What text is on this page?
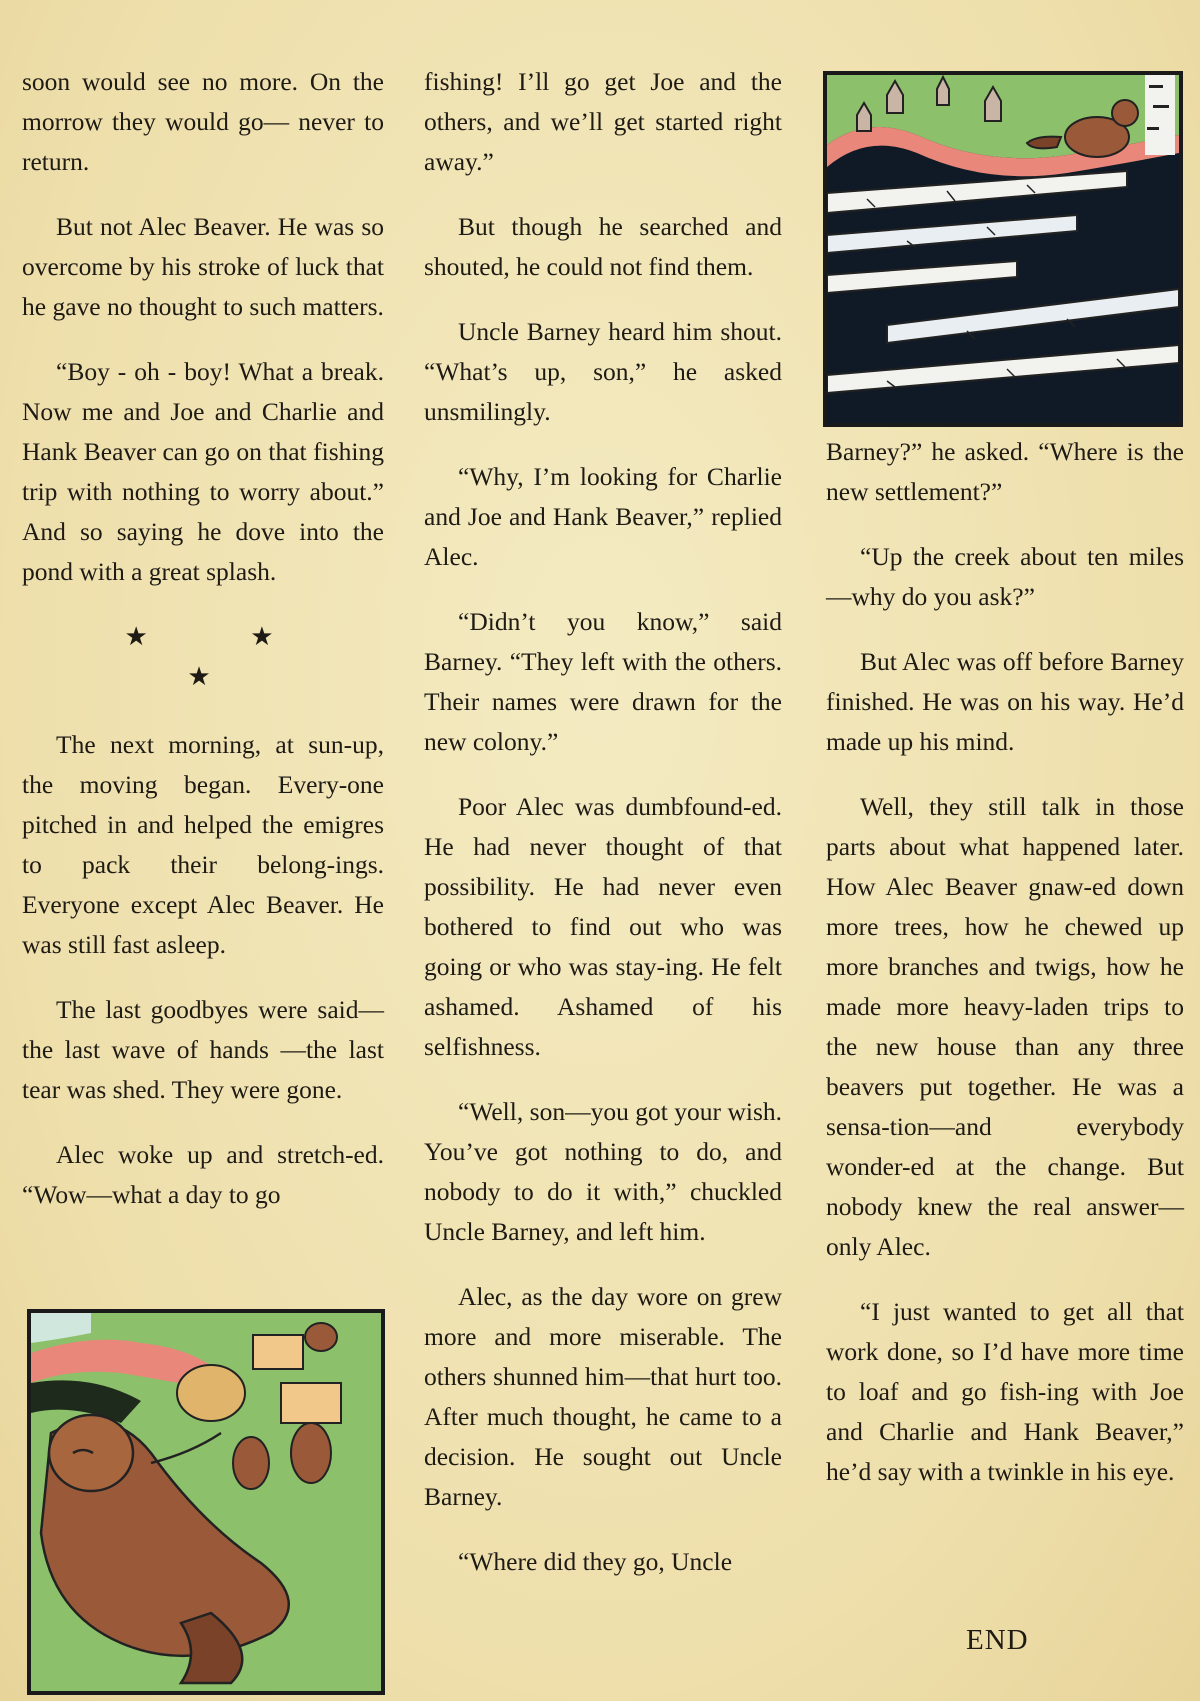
soon would see no more. On the morrow they would go— never to return.

But not Alec Beaver. He was so overcome by his stroke of luck that he gave no thought to such matters.

“Boy - oh - boy! What a break. Now me and Joe and Charlie and Hank Beaver can go on that fishing trip with nothing to worry about.” And so saying he dove into the pond with a great splash.

★ ★ ★

The next morning, at sun-up, the moving began. Every-one pitched in and helped the emigres to pack their belong-ings. Everyone except Alec Beaver. He was still fast asleep.

The last goodbyes were said—the last wave of hands —the last tear was shed. They were gone.

Alec woke up and stretch-ed. “Wow—what a day to go

fishing! I’ll go get Joe and the others, and we’ll get started right away.”

But though he searched and shouted, he could not find them.

Uncle Barney heard him shout. “What’s up, son,” he asked unsmilingly.

“Why, I’m looking for Charlie and Joe and Hank Beaver,” replied Alec.

“Didn’t you know,” said Barney. “They left with the others. Their names were drawn for the new colony.”

Poor Alec was dumbfound-ed. He had never thought of that possibility. He had never even bothered to find out who was going or who was stay-ing. He felt ashamed. Ashamed of his selfishness.

“Well, son—you got your wish. You’ve got nothing to do, and nobody to do it with,” chuckled Uncle Barney, and left him.

Alec, as the day wore on grew more and more miserable. The others shunned him—that hurt too. After much thought, he came to a decision. He sought out Uncle Barney.

“Where did they go, Uncle

Barney?” he asked. “Where is the new settlement?”

“Up the creek about ten miles—why do you ask?”

But Alec was off before Barney finished. He was on his way. He’d made up his mind.

Well, they still talk in those parts about what happened later. How Alec Beaver gnaw-ed down more trees, how he chewed up more branches and twigs, how he made more heavy-laden trips to the new house than any three beavers put together. He was a sensa-tion—and everybody wonder-ed at the change. But nobody knew the real answer—only Alec.

“I just wanted to get all that work done, so I’d have more time to loaf and go fish-ing with Joe and Charlie and Hank Beaver,” he’d say with a twinkle in his eye.

END
